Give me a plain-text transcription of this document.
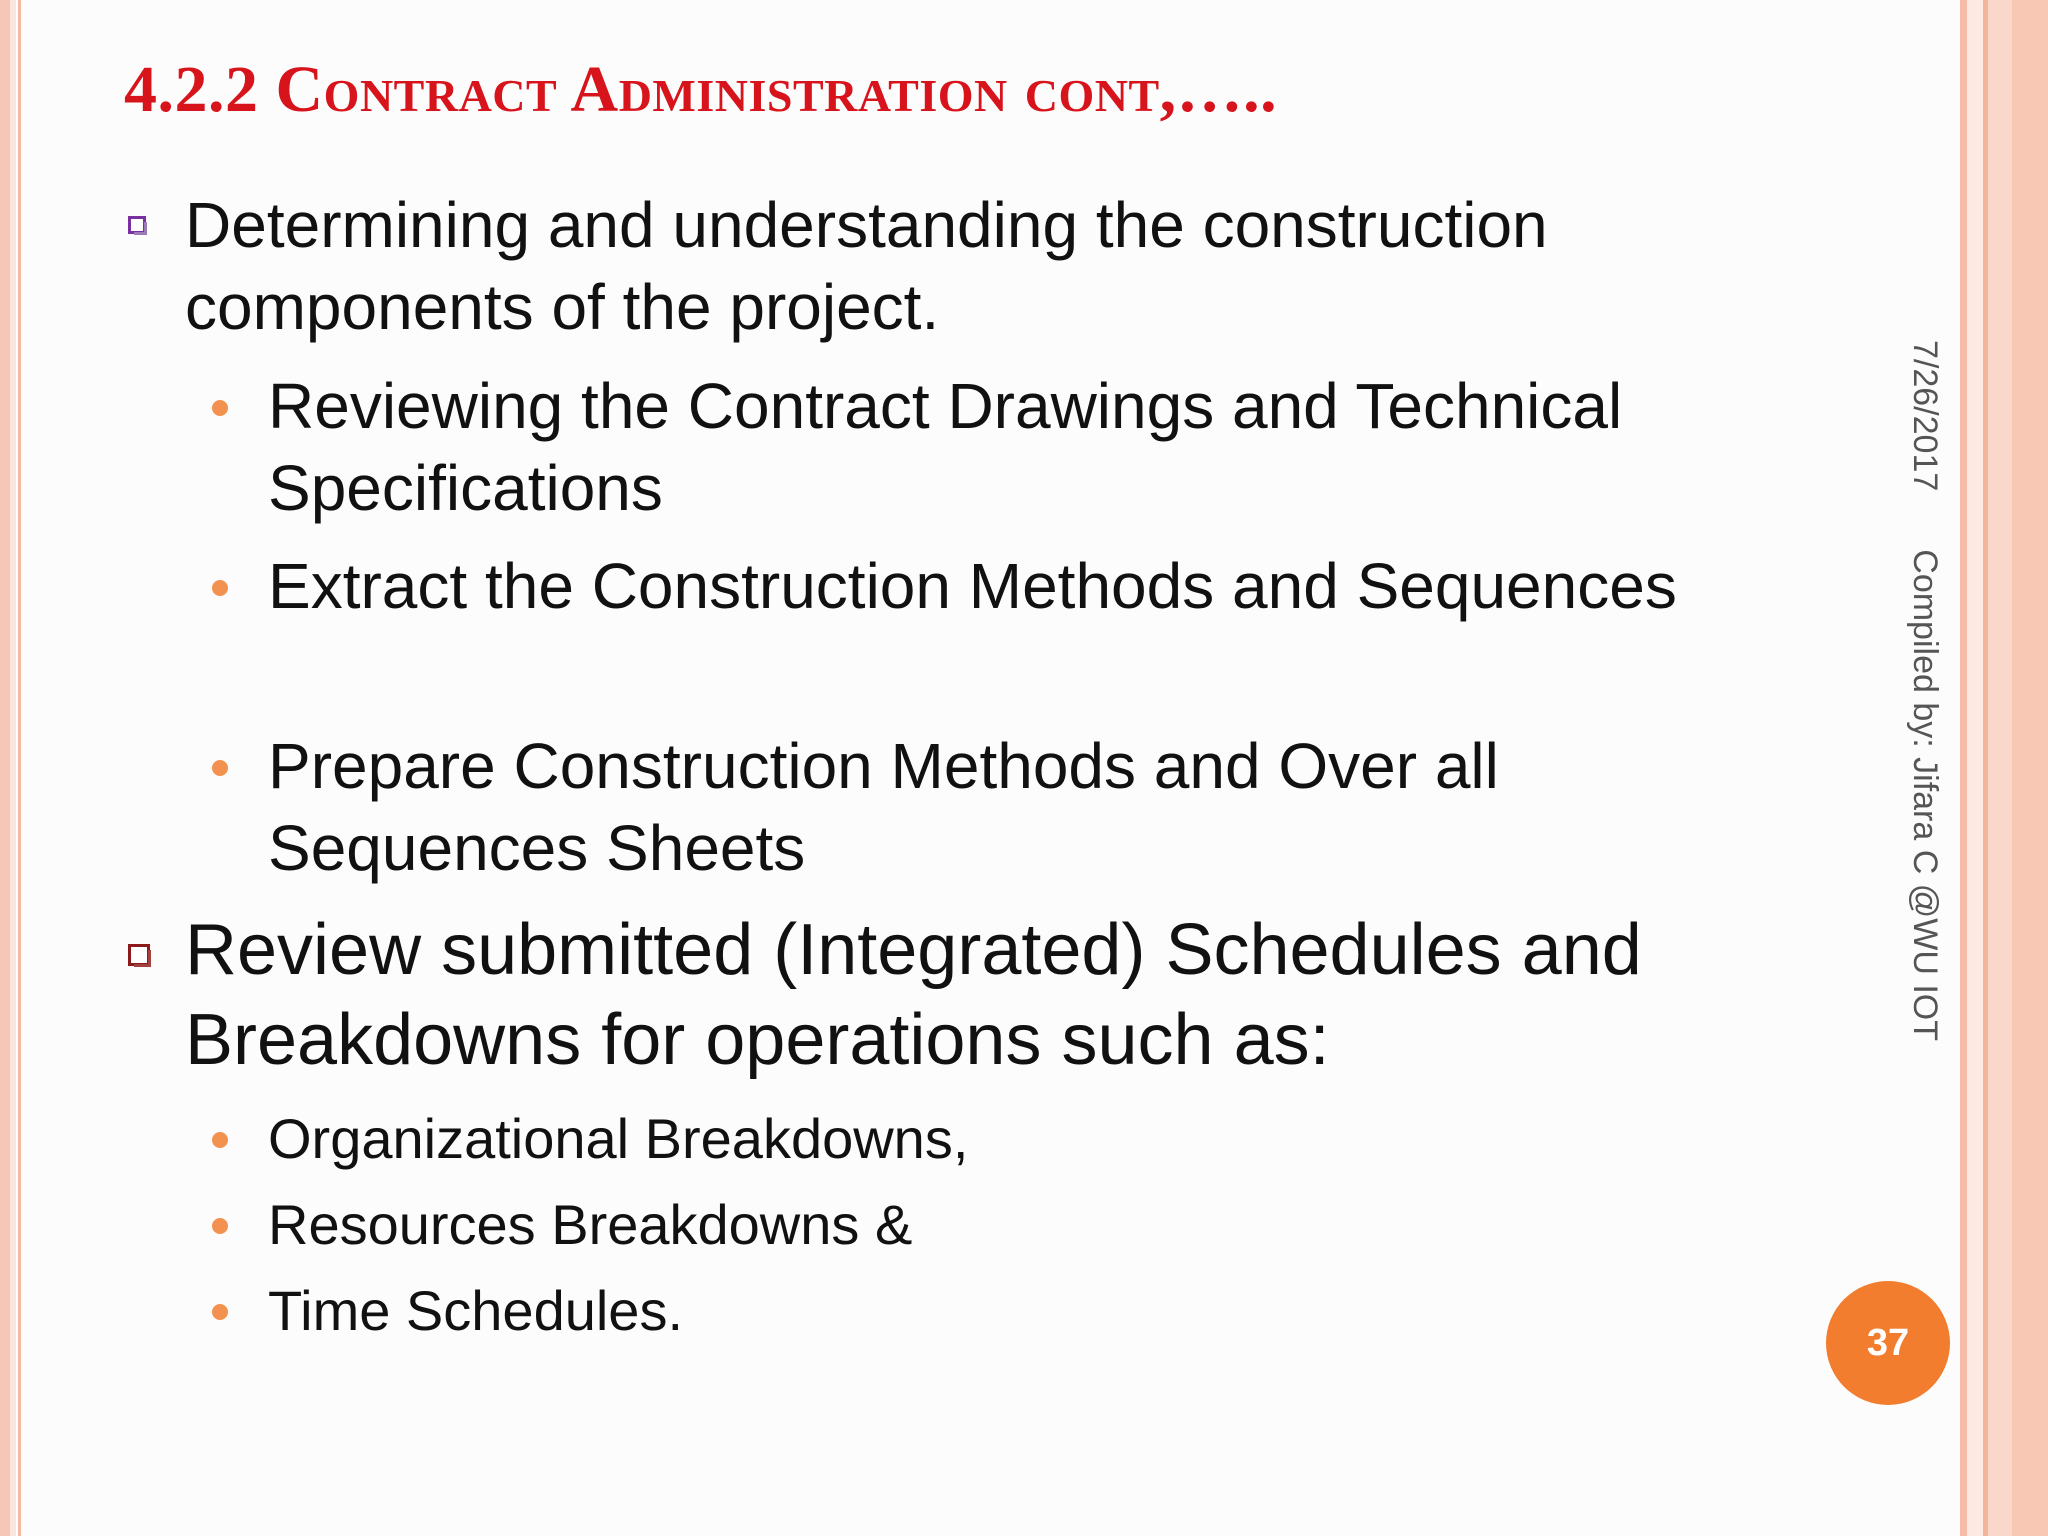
4.2.2 Contract Administration cont,…..
Determining and understanding the construction components of the project.
Reviewing the Contract Drawings and Technical Specifications
Extract the Construction Methods and Sequences
Prepare Construction Methods and Over all Sequences Sheets
Review submitted (Integrated) Schedules and Breakdowns for operations such as:
Organizational Breakdowns,
Resources Breakdowns &
Time Schedules.
7/26/2017Compiled by: Jifara C @WU IOT
37
